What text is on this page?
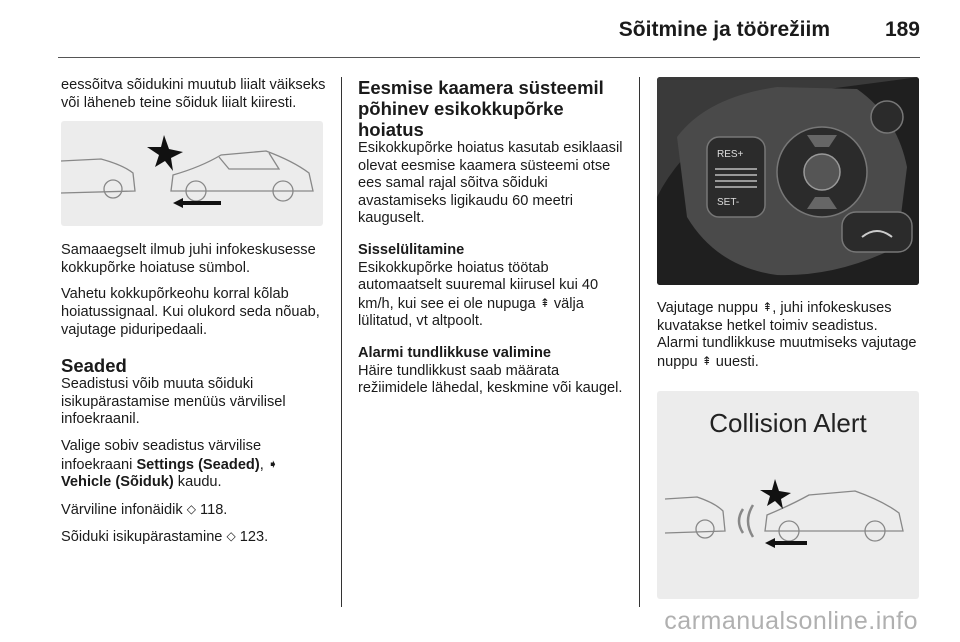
Sõitmine ja töörežiim	189

eessõitva sõidukini muutub liialt väikseks või läheneb teine sõiduk liialt kiiresti.

Samaaegselt ilmub juhi infokeskusesse kokkupõrke hoiatuse sümbol.

Vahetu kokkupõrkeohu korral kõlab hoiatussignaal. Kui olukord seda nõuab, vajutage piduripedaali.

Seaded

Seadistusi võib muuta sõiduki isikupärastamise menüüs värvilisel infoekraanil.

Valige sobiv seadistus värvilise infoekraani Settings (Seaded), ➧
Vehicle (Sõiduk) kaudu.

Värviline infonäidik ◇ 118.

Sõiduki isikupärastamine ◇ 123.

Eesmise kaamera süsteemil põhinev esikokkupõrke hoiatus

Esikokkupõrke hoiatus kasutab esiklaasil olevat eesmise kaamera süsteemi otse ees samal rajal sõitva sõiduki avastamiseks ligikaudu 60 meetri kauguselt.

Sisselülitamine

Esikokkupõrke hoiatus töötab automaatselt suuremal kiirusel kui 40 km/h, kui see ei ole nupuga ⇞ välja lülitatud, vt altpoolt.

Alarmi tundlikkuse valimine

Häire tundlikkust saab määrata režiimidele lähedal, keskmine või kaugel.

RES+
SET-

Vajutage nuppu ⇞, juhi infokeskuses kuvatakse hetkel toimiv seadistus. Alarmi tundlikkuse muutmiseks vajutage nuppu ⇞ uuesti.

Collision Alert
carmanualsonline.info
